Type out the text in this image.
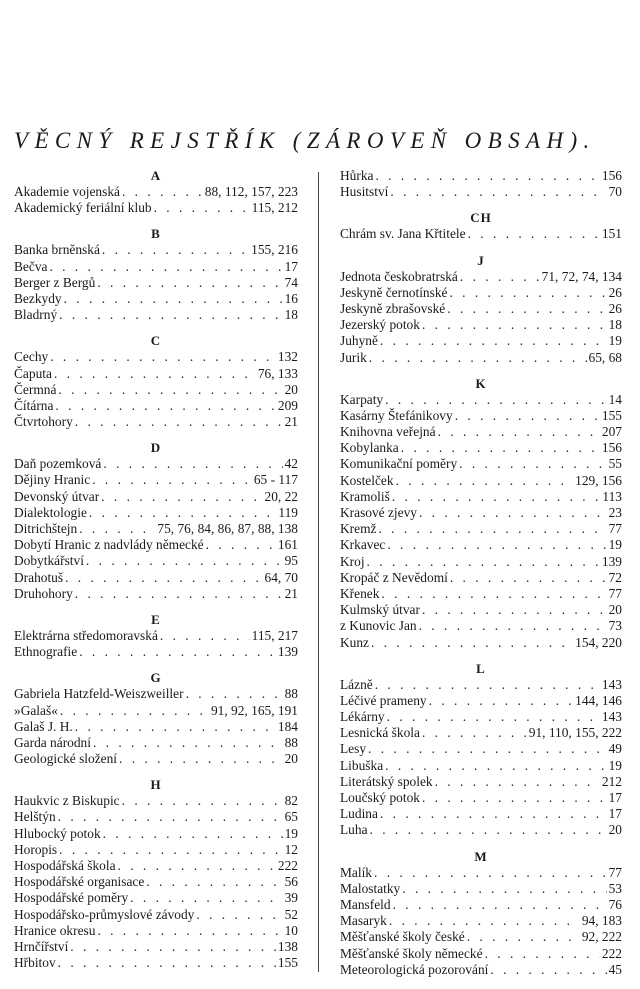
VĚCNÝ REJSTŘÍK (ZÁROVEŇ OBSAH).
A
Akademie vojenská . . .	88, 112, 157, 223
Akademický feriální klub . . .	115, 212
B
Banka brněnská . . .	155, 216
Bečva . . .	17
Berger z Bergů . . .	74
Bezkydy . . .	16
Bladrný . . .	18
C
Cechy . . .	132
Čaputa . . .	76, 133
Čermná . . .	20
Čítárna . . .	209
Čtvrtohory . . .	21
D
Daň pozemková . . .	42
Dějiny Hranic . . .	65 - 117
Devonský útvar . . .	20, 22
Dialektologie . . .	119
Ditrichštejn . . .	75, 76, 84, 86, 87, 88, 138
Dobytí Hranic z nadvlády německé . . .	161
Dobytkářství . . .	95
Drahotuš . . .	64, 70
Druhohory . . .	21
E
Elektrárna středomoravská . . .	115, 217
Ethnografie . . .	139
G
Gabriela Hatzfeld-Weiszweiller . . .	88
»Galaš« . . .	91, 92, 165, 191
Galaš J. H. . . .	184
Garda národní . . .	88
Geologické složení . . .	20
H
Haukvic z Biskupic . . .	82
Helštýn . . .	65
Hlubocký potok . . .	19
Horopis . . .	12
Hospodářská škola . . .	222
Hospodářské organisace . . .	56
Hospodářské poměry . . .	39
Hospodářsko-průmyslové závody . . .	52
Hranice okresu . . .	10
Hrnčířství . . .	138
Hřbitov . . .	155
Hůrka . . .	156
Husitství . . .	70
CH
Chrám sv. Jana Křtitele . . .	151
J
Jednota českobratrská . . .	71, 72, 74, 134
Jeskyně černotínské . . .	26
Jeskyně zbrašovské . . .	26
Jezerský potok . . .	18
Juhyně . . .	19
Jurik . . .	65, 68
K
Karpaty . . .	14
Kasárny Štefánikovy . . .	155
Knihovna veřejná . . .	207
Kobylanka . . .	156
Komunikační poměry . . .	55
Kostelček . . .	129, 156
Kramoliš . . .	113
Krasové zjevy . . .	23
Kremž . . .	77
Krkavec . . .	19
Kroj . . .	139
Kropáč z Nevědomí . . .	72
Křenek . . .	77
Kulmský útvar . . .	20
z Kunovic Jan . . .	73
Kunz . . .	154, 220
L
Lázně . . .	143
Léčivé prameny . . .	144, 146
Lékárny . . .	143
Lesnická škola . . .	91, 110, 155, 222
Lesy . . .	49
Libuška . . .	19
Literátský spolek . . .	212
Loučský potok . . .	17
Ludina . . .	17
Luha . . .	20
M
Malík . . .	77
Malostatky . . .	53
Mansfeld . . .	76
Masaryk . . .	94, 183
Měšťanské školy české . . .	92, 222
Měšťanské školy německé . . .	222
Meteorologická pozorování . . .	45
